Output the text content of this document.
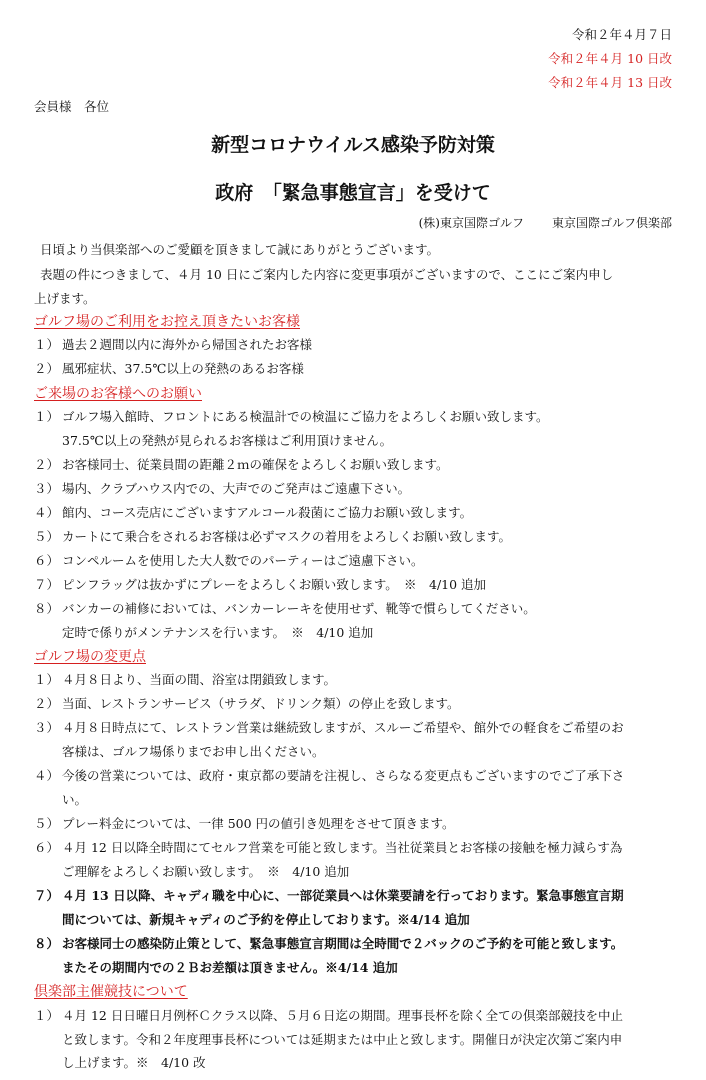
令和２年４月７日
令和２年４月 10 日改
令和２年４月 13 日改
会員様　各位
新型コロナウイルス感染予防対策
政府　「緊急事態宣言」を受けて
(株)東京国際ゴルフ 東京国際ゴルフ倶楽部
日頃より当倶楽部へのご愛顧を頂きまして誠にありがとうございます。
表題の件につきまして、４月 10 日にご案内した内容に変更事項がございますので、ここにご案内申し
上げます。
ゴルフ場のご利用をお控え頂きたいお客様
１） 過去２週間以内に海外から帰国されたお客様
２） 風邪症状、37.5℃以上の発熱のあるお客様
ご来場のお客様へのお願い
１） ゴルフ場入館時、フロントにある検温計での検温にご協力をよろしくお願い致します。
37.5℃以上の発熱が見られるお客様はご利用頂けません。
２） お客様同士、従業員間の距離２ｍの確保をよろしくお願い致します。
３） 場内、クラブハウス内での、大声でのご発声はご遠慮下さい。
４） 館内、コース売店にございますアルコール殺菌にご協力お願い致します。
５） カートにて乗合をされるお客様は必ずマスクの着用をよろしくお願い致します。
６） コンペルームを使用した大人数でのパーティーはご遠慮下さい。
７） ピンフラッグは抜かずにプレーをよろしくお願い致します。　※　4/10 追加
８） バンカーの補修においては、バンカーレーキを使用せず、靴等で慣らしてください。
定時で係りがメンテナンスを行います。　※　4/10 追加
ゴルフ場の変更点
１） ４月８日より、当面の間、浴室は閉鎖致します。
２） 当面、レストランサービス（サラダ、ドリンク類）の停止を致します。
３） ４月８日時点にて、レストラン営業は継続致しますが、スルーご希望や、館外での軽食をご希望のお
客様は、ゴルフ場係りまでお申し出ください。
４） 今後の営業については、政府・東京都の要請を注視し、さらなる変更点もございますのでご了承下さ
い。
５） プレー料金については、一律 500 円の値引き処理をさせて頂きます。
６） ４月 12 日以降全時間にてセルフ営業を可能と致します。当社従業員とお客様の接触を極力減らす為
ご理解をよろしくお願い致します。　※　4/10 追加
７） ４月 13 日以降、キャディ職を中心に、一部従業員へは休業要請を行っております。緊急事態宣言期
間については、新規キャディのご予約を停止しております。※4/14 追加
８） お客様同士の感染防止策として、緊急事態宣言期間は全時間で２バックのご予約を可能と致します。
またその期間内での２Ｂお差額は頂きません。※4/14 追加
倶楽部主催競技について
１） ４月 12 日日曜日月例杯Ｃクラス以降、５月６日迄の期間。理事長杯を除く全ての倶楽部競技を中止
と致します。令和２年度理事長杯については延期または中止と致します。開催日が決定次第ご案内申
し上げます。※　4/10 改
